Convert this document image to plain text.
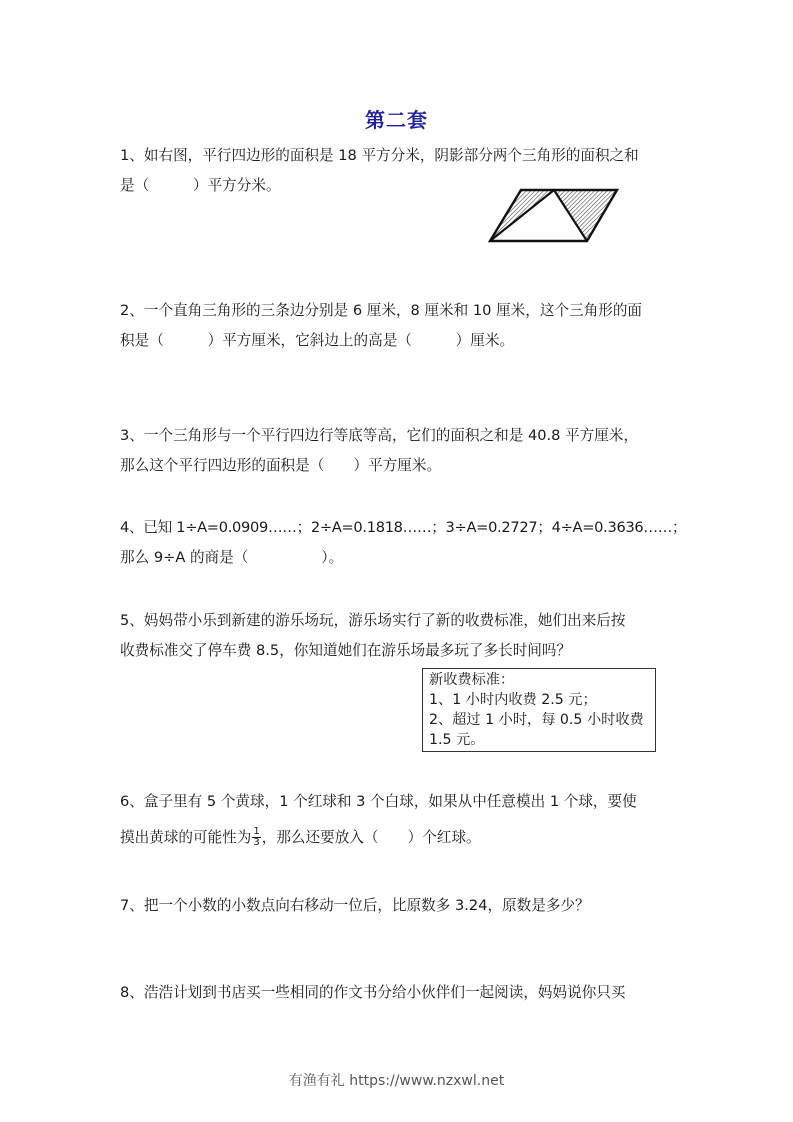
第二套
1、如右图，平行四边形的面积是 18 平方分米，阴影部分两个三角形的面积之和
是（　　　）平方分米。
2、一个直角三角形的三条边分别是 6 厘米，8 厘米和 10 厘米，这个三角形的面
积是（　　　）平方厘米，它斜边上的高是（　　　）厘米。
3、一个三角形与一个平行四边行等底等高，它们的面积之和是 40.8 平方厘米，
那么这个平行四边形的面积是（　　）平方厘米。
4、已知 1÷A=0.0909……；2÷A=0.1818……；3÷A=0.2727；4÷A=0.3636……；
那么 9÷A 的商是（　　　　　）。
5、妈妈带小乐到新建的游乐场玩，游乐场实行了新的收费标准，她们出来后按
收费标准交了停车费 8.5，你知道她们在游乐场最多玩了多长时间吗？
新收费标准：
1、1 小时内收费 2.5 元；
2、超过 1 小时，每 0.5 小时收费
1.5 元。
6、盒子里有 5 个黄球，1 个红球和 3 个白球，如果从中任意模出 1 个球，要使
摸出黄球的可能性为 $\frac{1}{3}$ ，那么还要放入（　　）个红球。
7、把一个小数的小数点向右移动一位后，比原数多 3.24，原数是多少？
8、浩浩计划到书店买一些相同的作文书分给小伙伴们一起阅读，妈妈说你只买
有渔有礼 https://www.nzxwl.net
